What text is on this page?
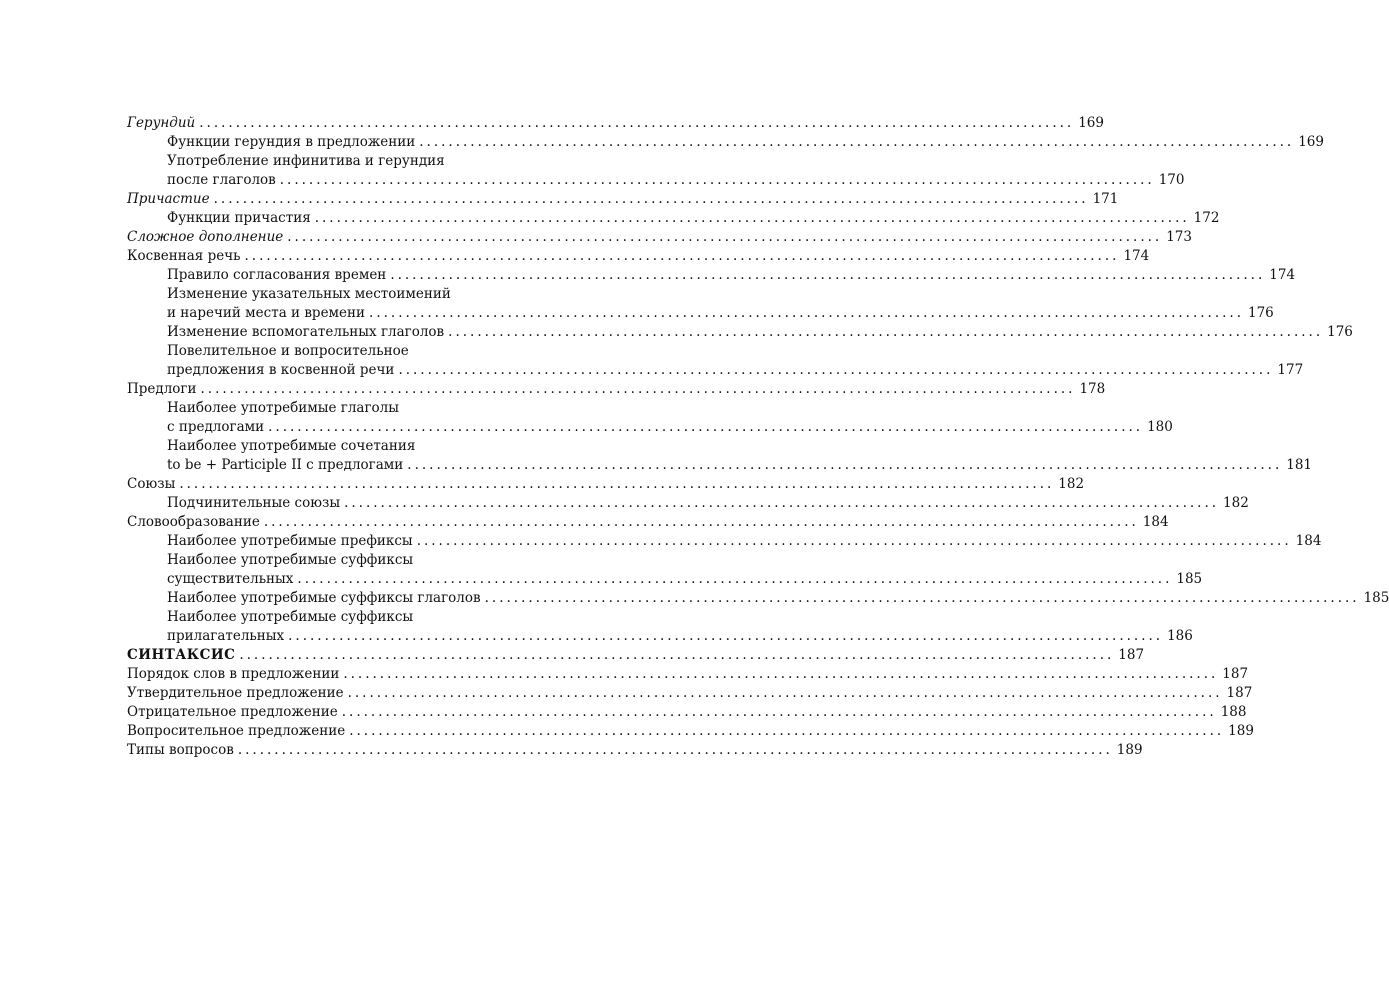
Герундий ........................................................................................................................ 169
Функции герундия в предложении ........................................................................................................................ 169
Употребление инфинитива и герундия
после глаголов ........................................................................................................................ 170
Причастие ........................................................................................................................ 171
Функции причастия ........................................................................................................................ 172
Сложное дополнение ........................................................................................................................ 173
Косвенная речь ........................................................................................................................ 174
Правило согласования времен ........................................................................................................................ 174
Изменение указательных местоимений
и наречий места и времени ........................................................................................................................ 176
Изменение вспомогательных глаголов ........................................................................................................................ 176
Повелительное и вопросительное
предложения в косвенной речи ........................................................................................................................ 177
Предлоги ........................................................................................................................ 178
Наиболее употребимые глаголы
с предлогами ........................................................................................................................ 180
Наиболее употребимые сочетания
to be + Participle II с предлогами ........................................................................................................................ 181
Союзы ........................................................................................................................ 182
Подчинительные союзы ........................................................................................................................ 182
Словообразование ........................................................................................................................ 184
Наиболее употребимые префиксы ........................................................................................................................ 184
Наиболее употребимые суффиксы
существительных ........................................................................................................................ 185
Наиболее употребимые суффиксы глаголов ........................................................................................................................ 185
Наиболее употребимые суффиксы
прилагательных ........................................................................................................................ 186
СИНТАКСИС ........................................................................................................................ 187
Порядок слов в предложении ........................................................................................................................ 187
Утвердительное предложение ........................................................................................................................ 187
Отрицательное предложение ........................................................................................................................ 188
Вопросительное предложение ........................................................................................................................ 189
Типы вопросов ........................................................................................................................ 189
